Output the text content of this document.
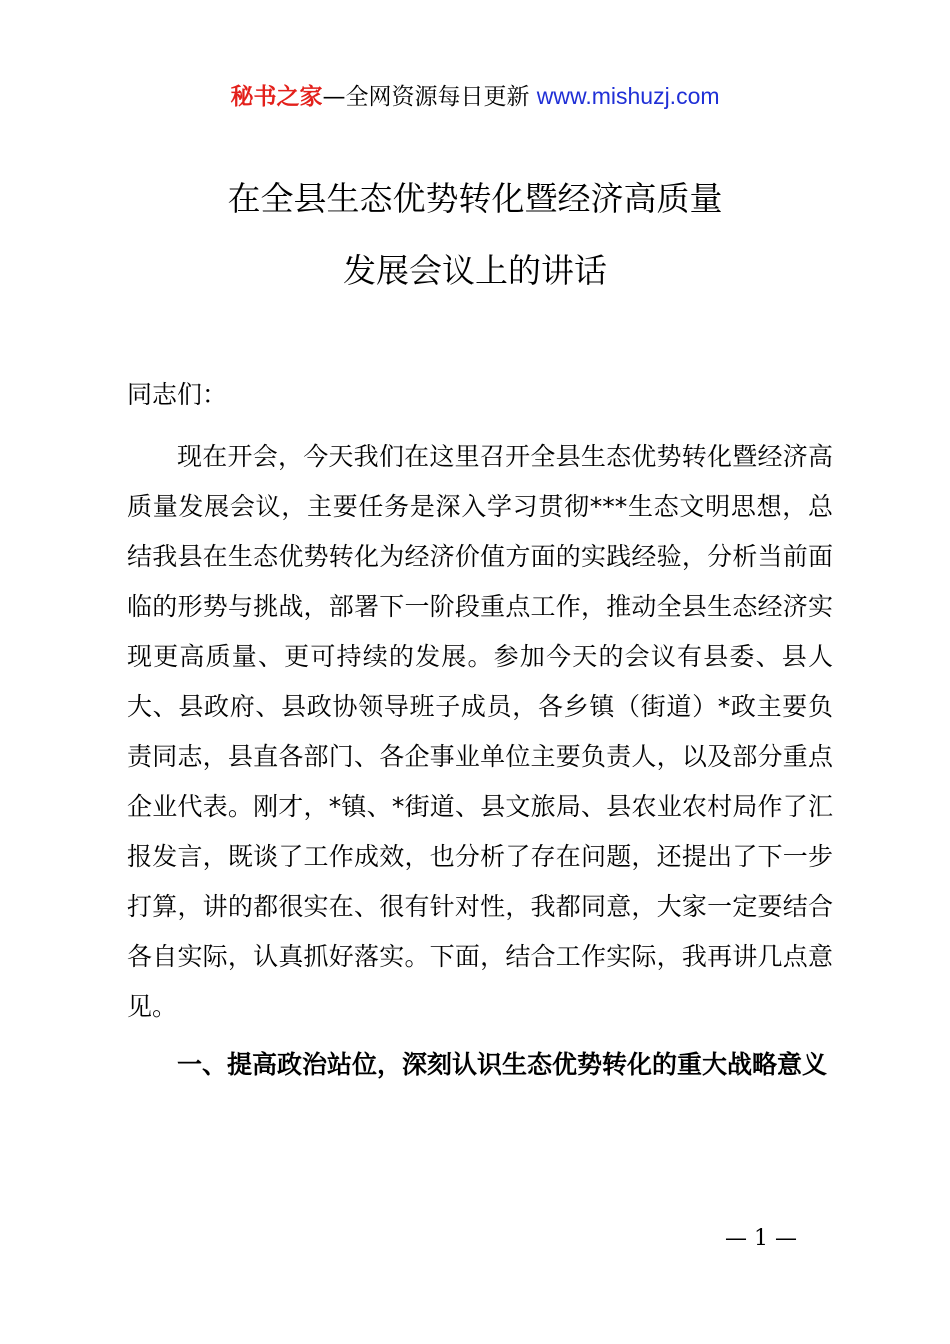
秘书之家—全网资源每日更新 www.mishuzj.com
在全县生态优势转化暨经济高质量
发展会议上的讲话

同志们：

现在开会，今天我们在这里召开全县生态优势转化暨经济高质量发展会议，主要任务是深入学习贯彻***生态文明思想，总结我县在生态优势转化为经济价值方面的实践经验，分析当前面临的形势与挑战，部署下一阶段重点工作，推动全县生态经济实现更高质量、更可持续的发展。参加今天的会议有县委、县人大、县政府、县政协领导班子成员，各乡镇（街道）*政主要负责同志，县直各部门、各企事业单位主要负责人，以及部分重点企业代表。刚才，*镇、*街道、县文旅局、县农业农村局作了汇报发言，既谈了工作成效，也分析了存在问题，还提出了下一步打算，讲的都很实在、很有针对性，我都同意，大家一定要结合各自实际，认真抓好落实。下面，结合工作实际，我再讲几点意见。

一、提高政治站位，深刻认识生态优势转化的重大战略意义

— 1 —
